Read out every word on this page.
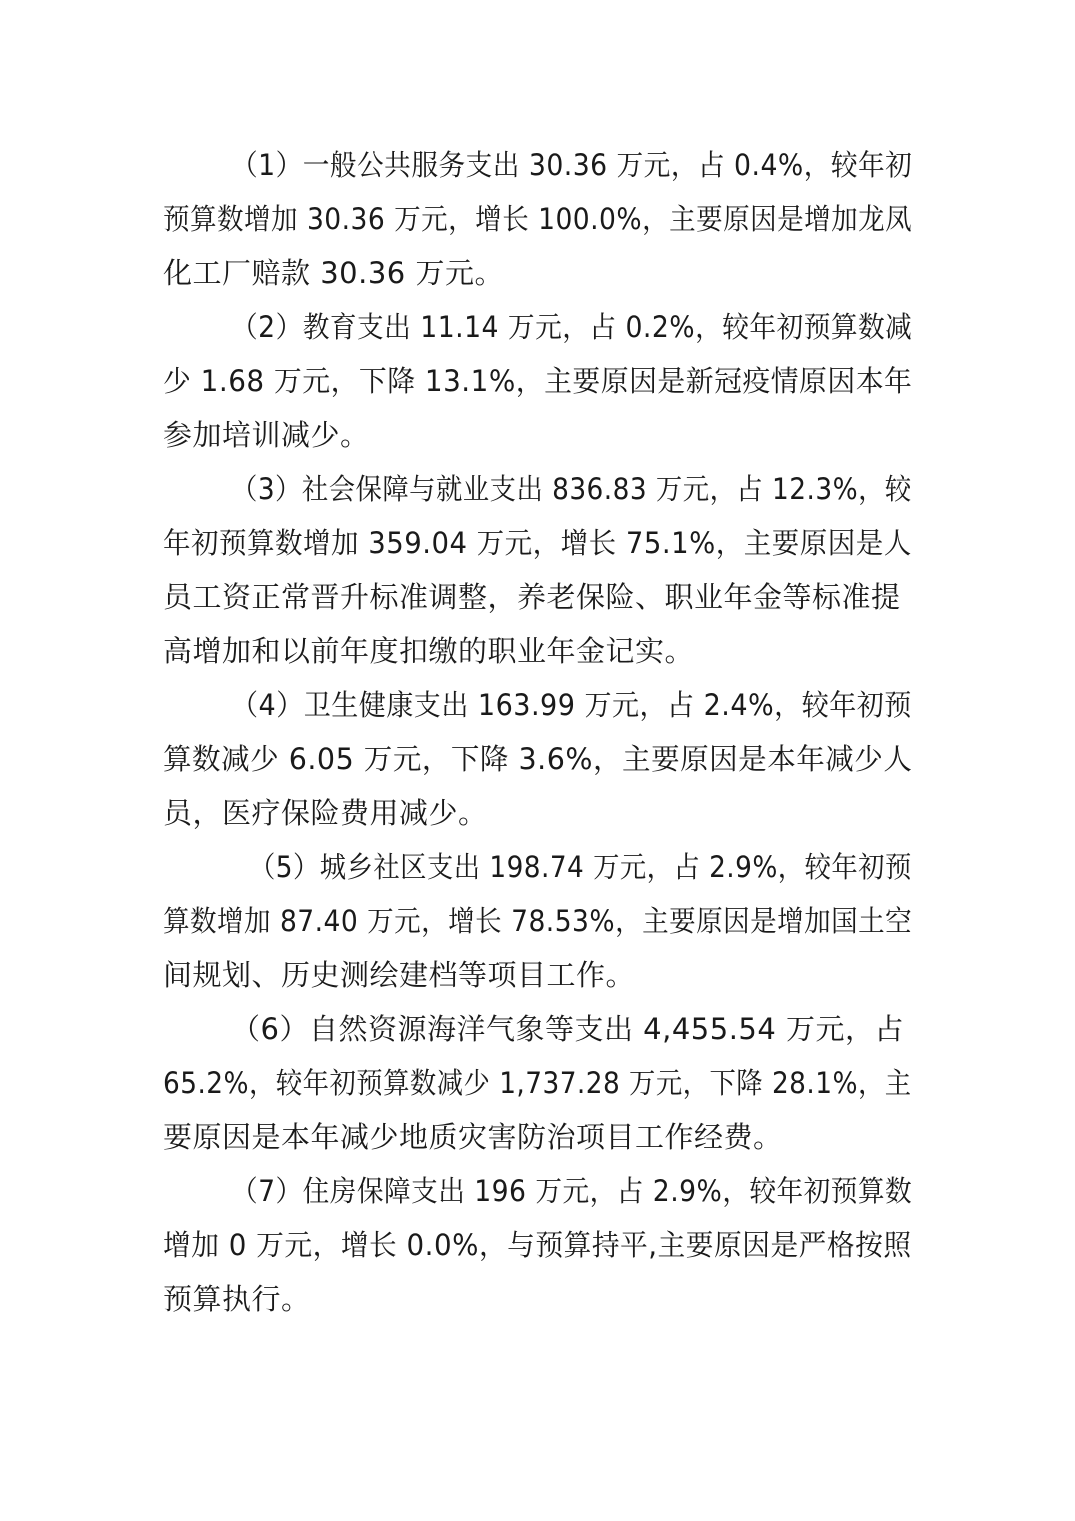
（1）一般公共服务支出 30.36 万元，占 0.4%，较年初
预算数增加 30.36 万元，增长 100.0%，主要原因是增加龙凤
化工厂赔款 30.36 万元。
（2）教育支出 11.14 万元，占 0.2%，较年初预算数减
少 1.68 万元，下降 13.1%，主要原因是新冠疫情原因本年
参加培训减少。
（3）社会保障与就业支出 836.83 万元，占 12.3%，较
年初预算数增加 359.04 万元，增长 75.1%，主要原因是人
员工资正常晋升标准调整，养老保险、职业年金等标准提
高增加和以前年度扣缴的职业年金记实。
（4）卫生健康支出 163.99 万元，占 2.4%，较年初预
算数减少 6.05 万元，下降 3.6%，主要原因是本年减少人
员，医疗保险费用减少。
（5）城乡社区支出 198.74 万元，占 2.9%，较年初预
算数增加 87.40 万元，增长 78.53%，主要原因是增加国土空
间规划、历史测绘建档等项目工作。
（6）自然资源海洋气象等支出 4,455.54 万元，占
65.2%，较年初预算数减少 1,737.28 万元，下降 28.1%，主
要原因是本年减少地质灾害防治项目工作经费。
（7）住房保障支出 196 万元，占 2.9%，较年初预算数
增加 0 万元，增长 0.0%，与预算持平,主要原因是严格按照
预算执行。
